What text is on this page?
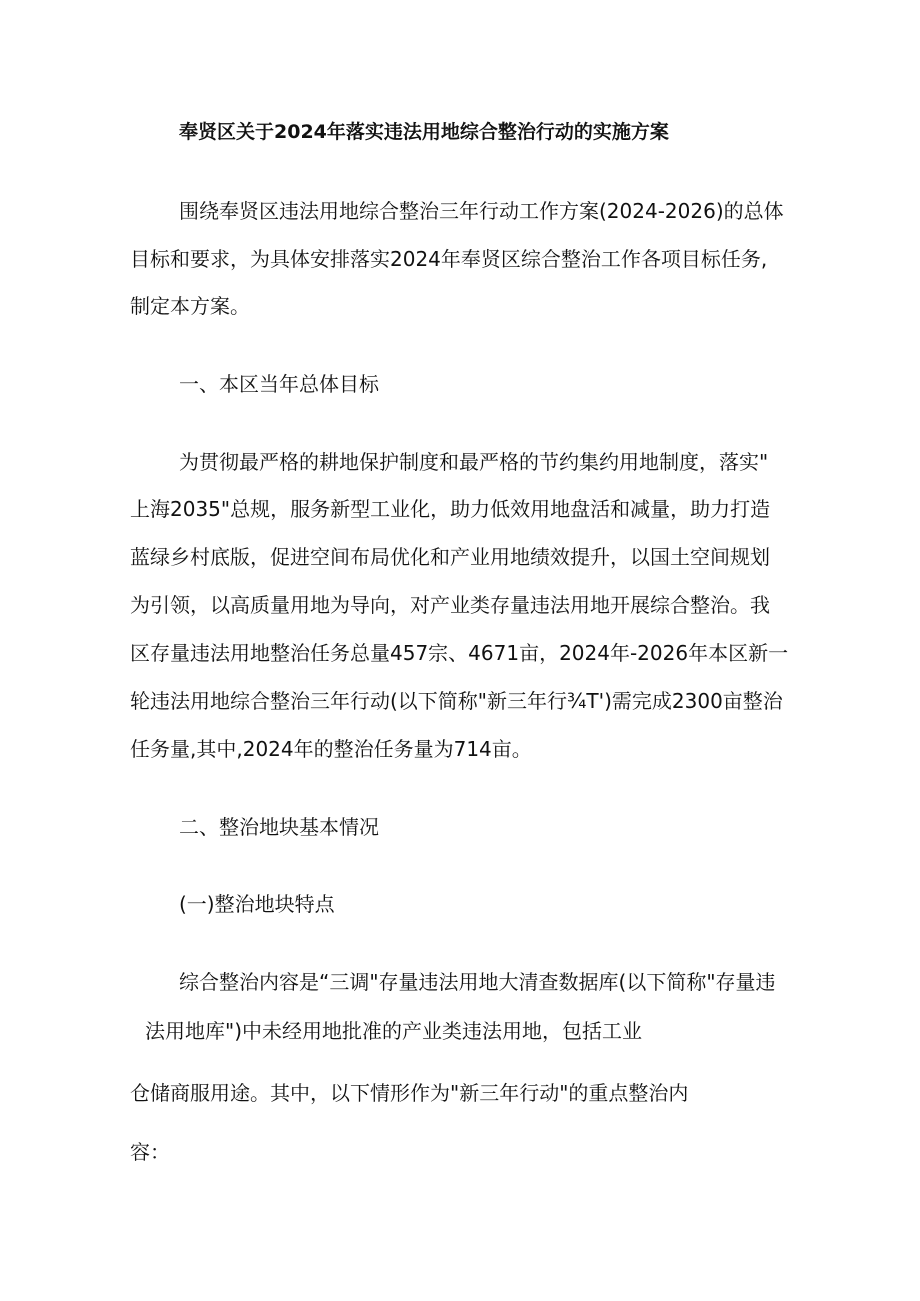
奉贤区关于2024年落实违法用地综合整治行动的实施方案

围绕奉贤区违法用地综合整治三年行动工作方案(2024-2026)的总体

目标和要求，为具体安排落实2024年奉贤区综合整治工作各项目标任务,

制定本方案。

一、本区当年总体目标

为贯彻最严格的耕地保护制度和最严格的节约集约用地制度，落实"

上海2035"总规，服务新型工业化，助力低效用地盘活和减量，助力打造

蓝绿乡村底版，促进空间布局优化和产业用地绩效提升，以国土空间规划

为引领，以高质量用地为导向，对产业类存量违法用地开展综合整治。我

区存量违法用地整治任务总量457宗、4671亩，2024年-2026年本区新一

轮违法用地综合整治三年行动(以下简称"新三年行¾T')需完成2300亩整治

任务量,其中,2024年的整治任务量为714亩。

二、整治地块基本情况
(一)整治地块特点

综合整治内容是“三调"存量违法用地大清查数据库(以下简称"存量违

法用地库")中未经用地批准的产业类违法用地，包括工业

仓储商服用途。其中，以下情形作为"新三年行动"的重点整治内

容：
